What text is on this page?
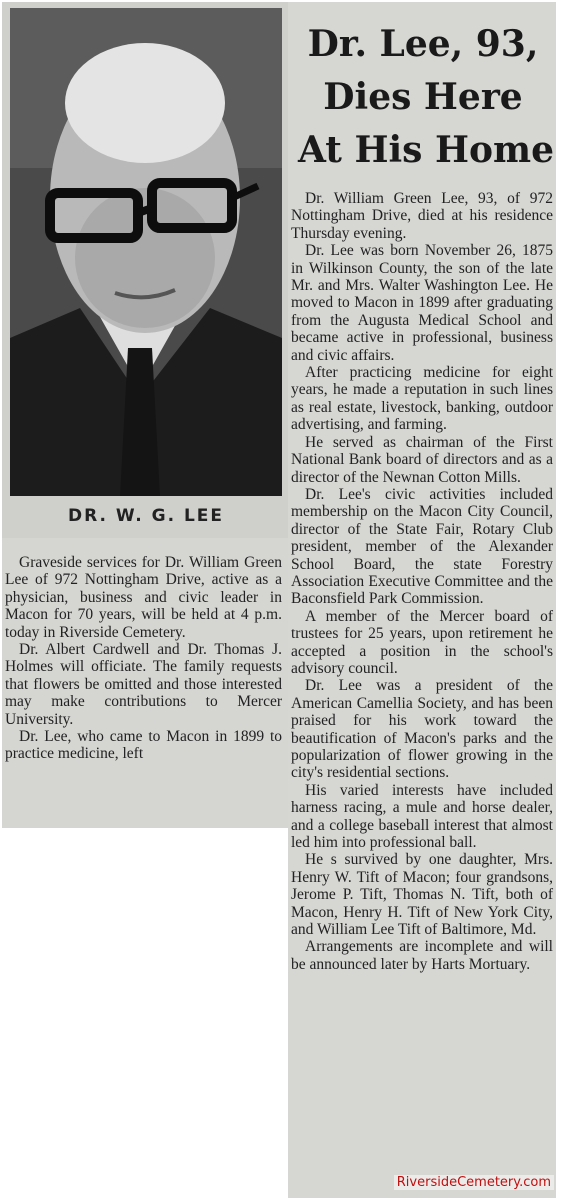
DR. W. G. LEE
Dr. Lee, 93,
Dies Here
At His Home

Dr. William Green Lee, 93, of 972 Nottingham Drive, died at his residence Thursday evening.

Dr. Lee was born November 26, 1875 in Wilkinson County, the son of the late Mr. and Mrs. Walter Washington Lee. He moved to Macon in 1899 after graduating from the Augusta Medical School and became active in professional, business and civic affairs.

After practicing medicine for eight years, he made a reputation in such lines as real estate, livestock, banking, outdoor advertising, and farming.

He served as chairman of the First National Bank board of directors and as a director of the Newnan Cotton Mills.

Dr. Lee's civic activities included membership on the Macon City Council, director of the State Fair, Rotary Club president, member of the Alexander School Board, the state Forestry Association Executive Committee and the Baconsfield Park Commission.

A member of the Mercer board of trustees for 25 years, upon retirement he accepted a position in the school's advisory council.

Dr. Lee was a president of the American Camellia Society, and has been praised for his work toward the beautification of Macon's parks and the popularization of flower growing in the city's residential sections.

His varied interests have included harness racing, a mule and horse dealer, and a college baseball interest that almost led him into professional ball.

He s survived by one daughter, Mrs. Henry W. Tift of Macon; four grandsons, Jerome P. Tift, Thomas N. Tift, both of Macon, Henry H. Tift of New York City, and William Lee Tift of Baltimore, Md.

Arrangements are incomplete and will be announced later by Harts Mortuary.

Graveside services for Dr. William Green Lee of 972 Nottingham Drive, active as a physician, business and civic leader in Macon for 70 years, will be held at 4 p.m. today in Riverside Cemetery.

Dr. Albert Cardwell and Dr. Thomas J. Holmes will officiate. The family requests that flowers be omitted and those interested may make contributions to Mercer University.

Dr. Lee, who came to Macon in 1899 to practice medicine, left

RiversideCemetery.com
